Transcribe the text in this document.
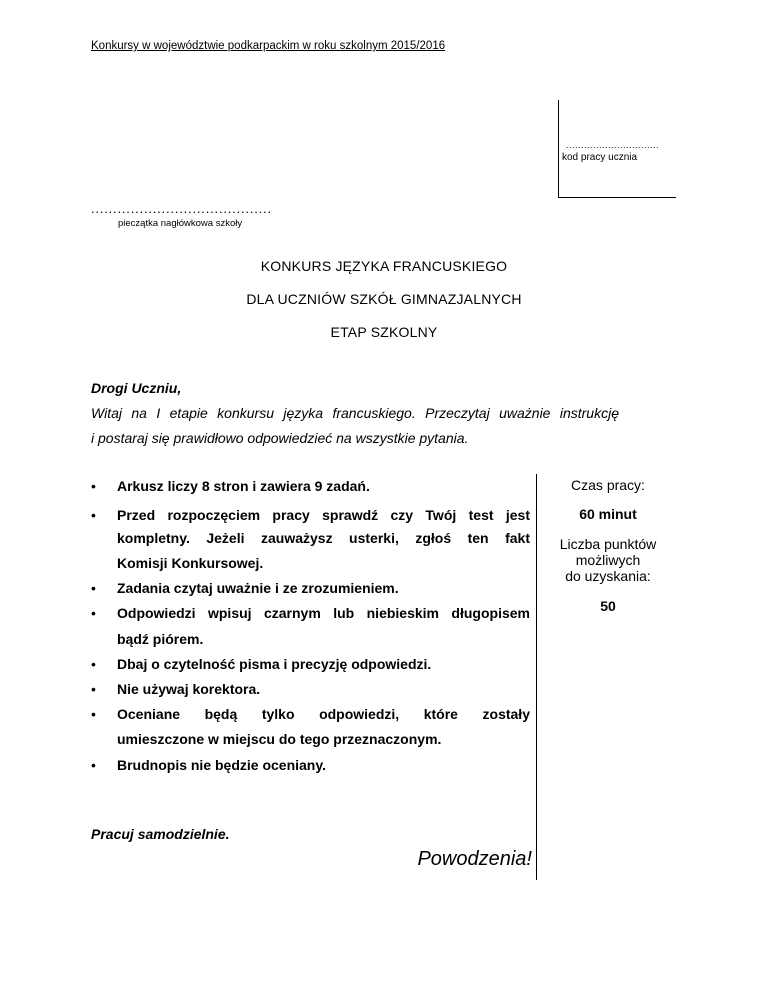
Konkursy w województwie podkarpackim w roku szkolnym 2015/2016
...............................
kod pracy ucznia
.........................................
pieczątka nagłówkowa szkoły
KONKURS JĘZYKA FRANCUSKIEGO
DLA UCZNIÓW SZKÓŁ GIMNAZJALNYCH
ETAP SZKOLNY
Drogi Uczniu,
Witaj na I etapie konkursu języka francuskiego. Przeczytaj uważnie instrukcję
i postaraj się prawidłowo odpowiedzieć na wszystkie pytania.
• Arkusz liczy 8 stron i zawiera 9 zadań.
• Przed rozpoczęciem pracy sprawdź czy Twój test jest
kompletny. Jeżeli zauważysz usterki, zgłoś ten fakt
Komisji Konkursowej.
• Zadania czytaj uważnie i ze zrozumieniem.
• Odpowiedzi wpisuj czarnym lub niebieskim długopisem
bądź piórem.
• Dbaj o czytelność pisma i precyzję odpowiedzi.
• Nie używaj korektora.
• Oceniane będą tylko odpowiedzi, które zostały
umieszczone w miejscu do tego przeznaczonym.
• Brudnopis nie będzie oceniany.
Czas pracy:
60 minut
Liczba punktów
możliwych
do uzyskania:
50
Pracuj samodzielnie.
Powodzenia!
